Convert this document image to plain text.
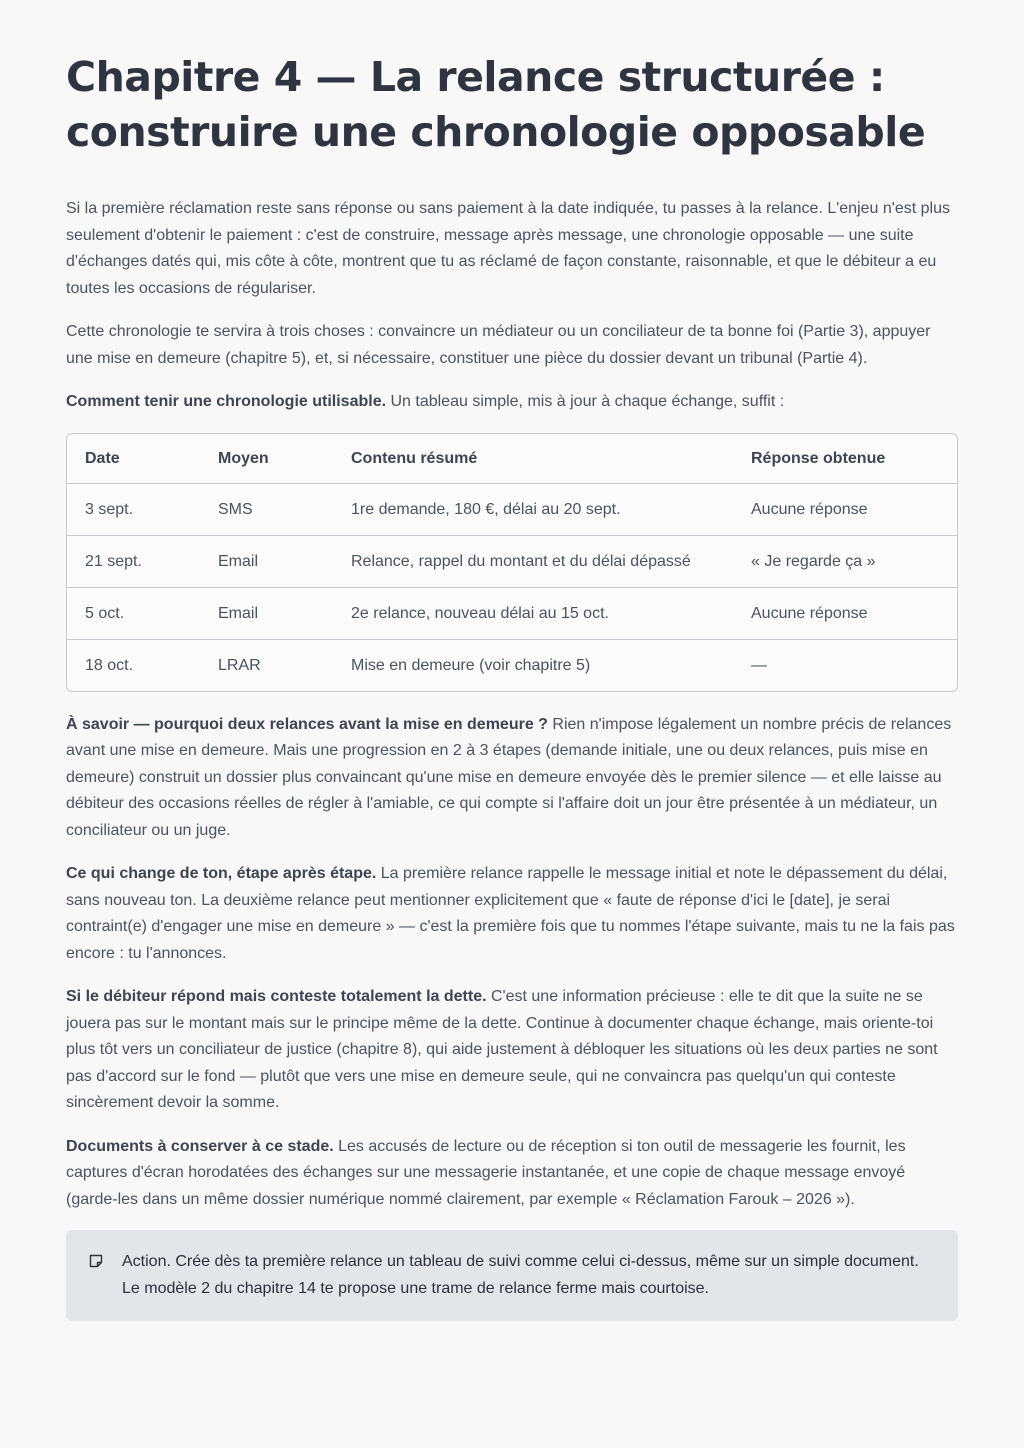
Chapitre 4 — La relance structurée : construire une chronologie opposable

Si la première réclamation reste sans réponse ou sans paiement à la date indiquée, tu passes à la relance. L'enjeu n'est plus seulement d'obtenir le paiement : c'est de construire, message après message, une chronologie opposable — une suite d'échanges datés qui, mis côte à côte, montrent que tu as réclamé de façon constante, raisonnable, et que le débiteur a eu toutes les occasions de régulariser.

Cette chronologie te servira à trois choses : convaincre un médiateur ou un conciliateur de ta bonne foi (Partie 3), appuyer une mise en demeure (chapitre 5), et, si nécessaire, constituer une pièce du dossier devant un tribunal (Partie 4).

Comment tenir une chronologie utilisable. Un tableau simple, mis à jour à chaque échange, suffit :

Date	Moyen	Contenu résumé	Réponse obtenue
3 sept.	SMS	1re demande, 180 €, délai au 20 sept.	Aucune réponse
21 sept.	Email	Relance, rappel du montant et du délai dépassé	« Je regarde ça »
5 oct.	Email	2e relance, nouveau délai au 15 oct.	Aucune réponse
18 oct.	LRAR	Mise en demeure (voir chapitre 5)	—

À savoir — pourquoi deux relances avant la mise en demeure ? Rien n'impose légalement un nombre précis de relances avant une mise en demeure. Mais une progression en 2 à 3 étapes (demande initiale, une ou deux relances, puis mise en demeure) construit un dossier plus convaincant qu'une mise en demeure envoyée dès le premier silence — et elle laisse au débiteur des occasions réelles de régler à l'amiable, ce qui compte si l'affaire doit un jour être présentée à un médiateur, un conciliateur ou un juge.

Ce qui change de ton, étape après étape. La première relance rappelle le message initial et note le dépassement du délai, sans nouveau ton. La deuxième relance peut mentionner explicitement que « faute de réponse d'ici le [date], je serai contraint(e) d'engager une mise en demeure » — c'est la première fois que tu nommes l'étape suivante, mais tu ne la fais pas encore : tu l'annonces.

Si le débiteur répond mais conteste totalement la dette. C'est une information précieuse : elle te dit que la suite ne se jouera pas sur le montant mais sur le principe même de la dette. Continue à documenter chaque échange, mais oriente-toi plus tôt vers un conciliateur de justice (chapitre 8), qui aide justement à débloquer les situations où les deux parties ne sont pas d'accord sur le fond — plutôt que vers une mise en demeure seule, qui ne convaincra pas quelqu'un qui conteste sincèrement devoir la somme.

Documents à conserver à ce stade. Les accusés de lecture ou de réception si ton outil de messagerie les fournit, les captures d'écran horodatées des échanges sur une messagerie instantanée, et une copie de chaque message envoyé (garde-les dans un même dossier numérique nommé clairement, par exemple « Réclamation Farouk – 2026 »).

Action. Crée dès ta première relance un tableau de suivi comme celui ci-dessus, même sur un simple document. Le modèle 2 du chapitre 14 te propose une trame de relance ferme mais courtoise.
